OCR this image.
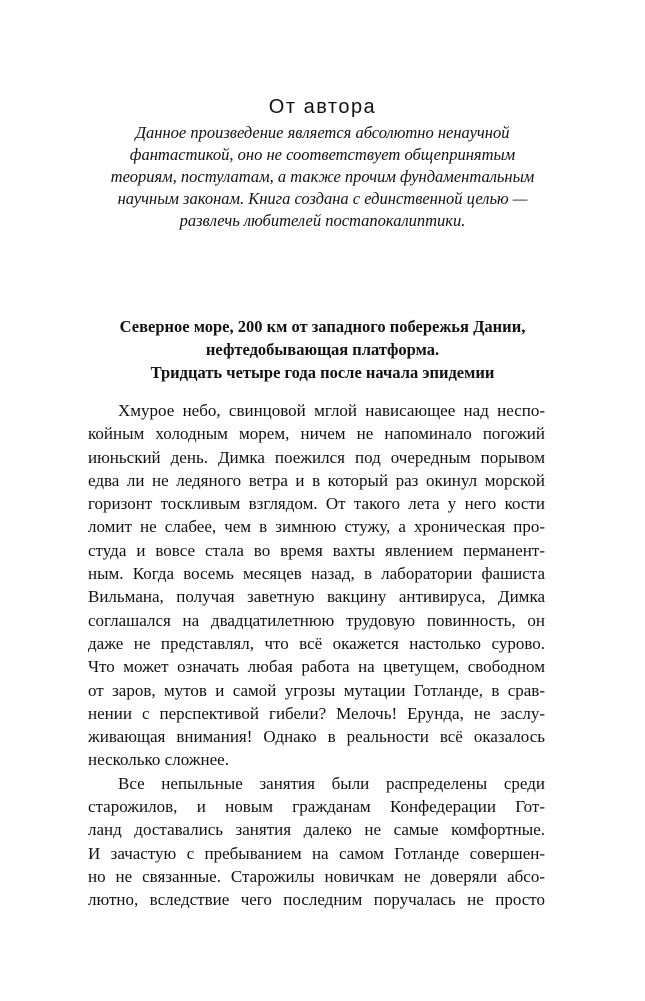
От автора
Данное произведение является абсолютно ненаучной
фантастикой, оно не соответствует общепринятым
теориям, постулатам, а также прочим фундаментальным
научным законам. Книга создана с единственной целью —
развлечь любителей постапокалиптики.
Северное море, 200 км от западного побережья Дании,
нефтедобывающая платформа.
Тридцать четыре года после начала эпидемии
Хмурое небо, свинцовой мглой нависающее над неспо-
койным холодным морем, ничем не напоминало погожий
июньский день. Димка поежился под очередным порывом
едва ли не ледяного ветра и в который раз окинул морской
горизонт тоскливым взглядом. От такого лета у него кости
ломит не слабее, чем в зимнюю стужу, а хроническая про-
студа и вовсе стала во время вахты явлением перманент-
ным. Когда восемь месяцев назад, в лаборатории фашиста
Вильмана, получая заветную вакцину антивируса, Димка
соглашался на двадцатилетнюю трудовую повинность, он
даже не представлял, что всё окажется настолько сурово.
Что может означать любая работа на цветущем, свободном
от заров, мутов и самой угрозы мутации Готланде, в срав-
нении с перспективой гибели? Мелочь! Ерунда, не заслу-
живающая внимания! Однако в реальности всё оказалось
несколько сложнее.
Все непыльные занятия были распределены среди
старожилов, и новым гражданам Конфедерации Гот-
ланд доставались занятия далеко не самые комфортные.
И зачастую с пребыванием на самом Готланде совершен-
но не связанные. Старожилы новичкам не доверяли абсо-
лютно, вследствие чего последним поручалась не просто
